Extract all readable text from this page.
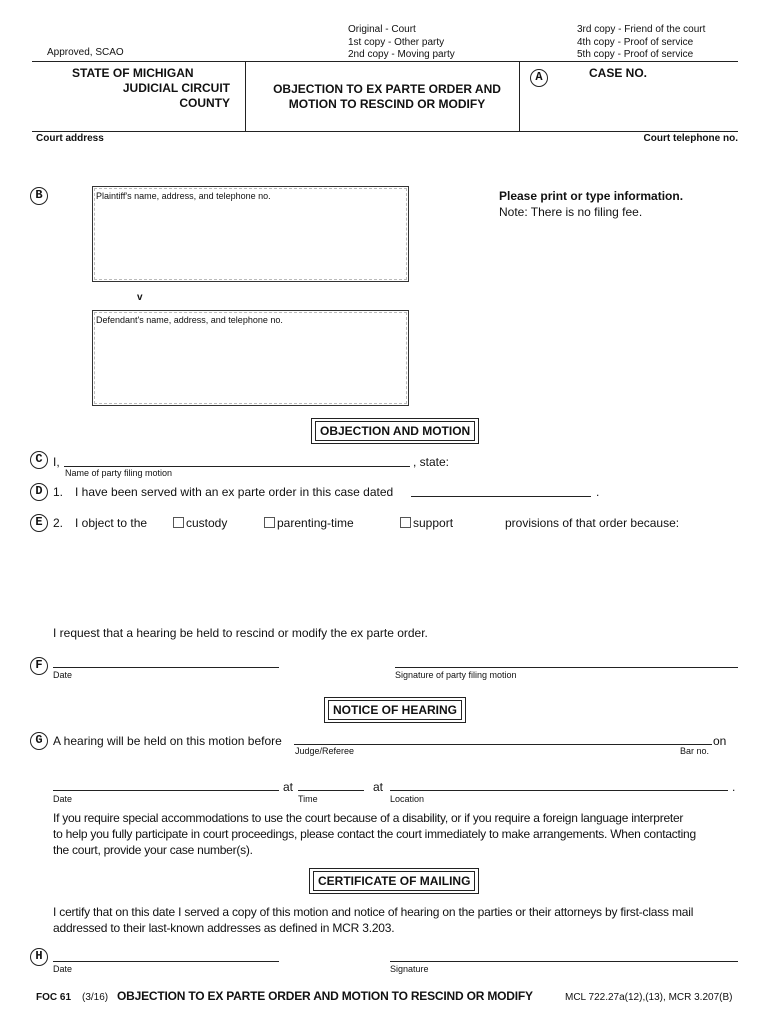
Original - Court
1st copy - Other party
2nd copy - Moving party
3rd copy - Friend of the court
4th copy - Proof of service
5th copy - Proof of service
Approved, SCAO
STATE OF MICHIGAN
JUDICIAL CIRCUIT
COUNTY
OBJECTION TO EX PARTE ORDER AND
MOTION TO RESCIND OR MODIFY
A	CASE NO.
Court address	Court telephone no.
B	Plaintiff's name, address, and telephone no.
v
Defendant's name, address, and telephone no.
Please print or type information.
Note: There is no filing fee.
OBJECTION AND MOTION
C I,	, state:
Name of party filing motion
D 1. I have been served with an ex parte order in this case dated	.
E 2. I object to the	custody	parenting-time	support	provisions of that order because:
I request that a hearing be held to rescind or modify the ex parte order.
F
Date	Signature of party filing motion
NOTICE OF HEARING
G A hearing will be held on this motion before	on
Judge/Referee	Bar no.
at	at	.
Date	Time	Location
If you require special accommodations to use the court because of a disability, or if you require a foreign language interpreter
to help you fully participate in court proceedings, please contact the court immediately to make arrangements. When contacting
the court, provide your case number(s).
CERTIFICATE OF MAILING
I certify that on this date I served a copy of this motion and notice of hearing on the parties or their attorneys by first-class mail
addressed to their last-known addresses as defined in MCR 3.203.
H
Date	Signature
FOC 61 (3/16) OBJECTION TO EX PARTE ORDER AND MOTION TO RESCIND OR MODIFY	MCL 722.27a(12),(13), MCR 3.207(B)
